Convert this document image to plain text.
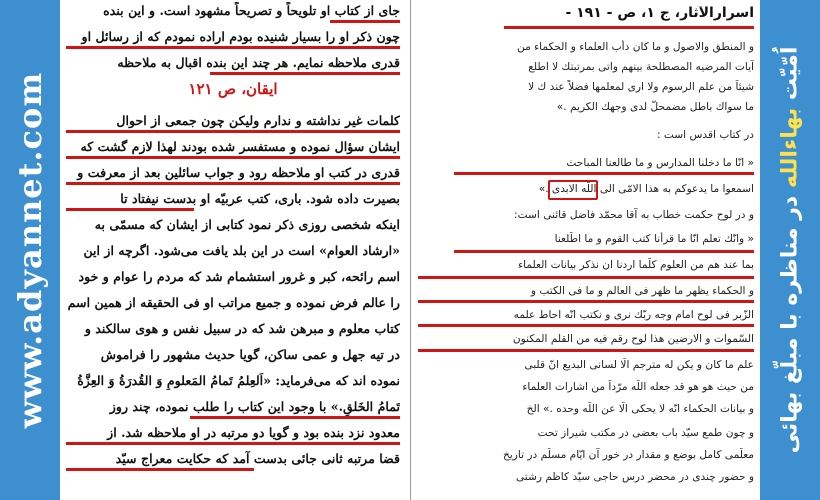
www.adyannet.com	اُمّیّت بهاءالله در مناظره با مبلّغ بهائی
جای از کتاب او تلویحاً و تصریحاً مشهود است. و این بنده
چون ذکر او را بسیار شنیده بودم اراده نمودم که از رسائل او
قدری ملاحظه نمایم. هر چند این بنده اقبال به ملاحظه
ایقان، ص ۱۲۱
کلمات غیر نداشته و ندارم ولیکن چون جمعی از احوال
ایشان سؤال نموده و مستفسر شده بودند لهذا لازم گشت که
قدری در کتب او ملاحظه رود و جواب سائلین بعد از معرفت و
بصیرت داده شود. باری، کتب عربیّه او بدست نیفتاد تا
اینکه شخصی روزی ذکر نمود کتابی از ایشان که مسمّی به
«ارشاد العوام» است در این بلد یافت می‌شود. اگرچه از این
اسم رائحه، کبر و غرور استشمام شد که مردم را عوام و خود
را عالم فرض نموده و جمیع مراتب او فی الحقیقه از همین اسم
کتاب معلوم و مبرهن شد که در سبیل نفس و هوی سالکند و
در تیه جهل و عمی ساکن، گویا حدیث مشهور را فراموش
نموده اند که می‌فرماید: «اَلعِلمُ تَمامُ المَعلومِ وَ القُدرَةُ وَ العِزَّةُ
تَمامُ الخَلقِ.» با وجود این کتاب را طلب نموده، چند روز
معدود نزد بنده بود و گویا دو مرتبه در او ملاحظه شد. از
قضا مرتبه ثانی جائی بدست آمد که حکایت معراج سیّد
اسرارالآثار، ج ۱، ص - ۱۹۱ -
و المنطق والاصول و ما کان دأب العلماء و الحکماء من
آیات المرضیه المصطلحة بینهم واتی بمرتبتك لا اطلع
شیئاً من علم الرسوم ولا اری لمعلمها فضلاً عند ك لا
ما سواك باطل مضمحلّ لدی وجهك الکریم .»
در کتاب اقدس است :
« انّا ما دخلنا المدارس و ما طالعنا المباحث
اسمعوا ما یدعوکم به هذا الامّی الی اللّه الابدی .»
و در لوح حکمت خطاب به آقا محمّد فاضل قائنی است:
« وانّك تعلم انّا ما قرأنا کتب القوم و ما اطّلعنا
بما عند هم من العلوم کلّما اردنا ان نذکر بیانات العلماء
و الحکماء یظهر ما ظهر فی العالم و ما فی الکتب و
الزّبر فی لوح امام وجه ربّك نری و نکتب انّه احاط علمه
السّموات و الارضین هذا لوح رقم فیه من القلم المکنون
علم ما کان و یکن له مترجم الّا لسانی البدیع انّ قلبی
من حیث هو هو قد جعله اللّه مرّداً من اشارات العلماء
و بیانات الحکماء انّه لا یحکی الّا عن اللّه وحده .» الخ
و چون طمع سیّد باب بعضی در مکتب شیراز تحت
معلّمی کامل بوضع و مقدار در خور آن ایّام مسلّم در تاریخ
و حضور چندی در محضر درس حاجی سیّد کاظم رشتی
